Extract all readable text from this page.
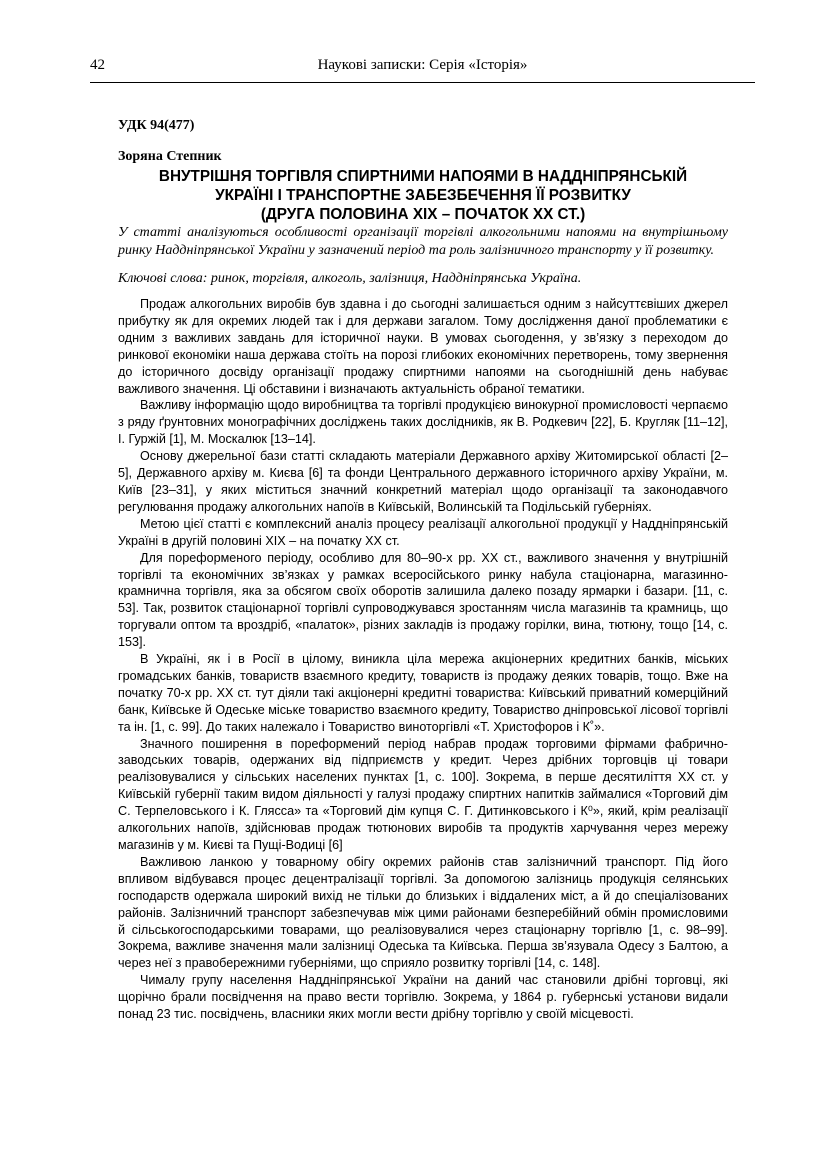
42	Наукові записки: Серія «Історія»

УДК 94(477)

Зоряна Степник

ВНУТРІШНЯ ТОРГІВЛЯ СПИРТНИМИ НАПОЯМИ В НАДДНІПРЯНСЬКІЙ
УКРАЇНІ І ТРАНСПОРТНЕ ЗАБЕЗБЕЧЕННЯ ЇЇ РОЗВИТКУ
(ДРУГА ПОЛОВИНА ХІХ – ПОЧАТОК ХХ СТ.)

У статті аналізуються особливості організації торгівлі алкогольними напоями на внутрішньому ринку Наддніпрянської України у зазначений період та роль залізничного транспорту у її розвитку.

Ключові слова: ринок, торгівля, алкоголь, залізниця, Наддніпрянська Україна.

Продаж алкогольних виробів був здавна і до сьогодні залишається одним з найсуттєвіших джерел прибутку як для окремих людей так і для держави загалом. Тому дослідження даної проблематики є одним з важливих завдань для історичної науки. В умовах сьогодення, у зв’язку з переходом до ринкової економіки наша держава стоїть на порозі глибоких економічних перетворень, тому звернення до історичного досвіду організації продажу спиртними напоями на сьогоднішній день набуває важливого значення. Ці обставини і визначають актуальність обраної тематики.

Важливу інформацію щодо виробництва та торгівлі продукцією винокурної промисловості черпаємо з ряду ґрунтовних монографічних досліджень таких дослідників, як В. Родкевич [22], Б. Кругляк [11–12], І. Гуржій [1], М. Москалюк [13–14].

Основу джерельної бази статті складають матеріали Державного архіву Житомирської області [2–5], Державного архіву м. Києва [6] та фонди Центрального державного історичного архіву України, м. Київ [23–31], у яких міститься значний конкретний матеріал щодо організації та законодавчого регулювання продажу алкогольних напоїв в Київській, Волинській та Подільській губерніях.

Метою цієї статті є комплексний аналіз процесу реалізації алкогольної продукції у Наддніпрянській Україні в другій половині ХІХ – на початку ХХ ст.

Для пореформеного періоду, особливо для 80–90-х рр. ХХ ст., важливого значення у внутрішній торгівлі та економічних зв’язках у рамках всеросійського ринку набула стаціонарна, магазинно-крамнична торгівля, яка за обсягом своїх оборотів залишила далеко позаду ярмарки і базари. [11, с. 53]. Так, розвиток стаціонарної торгівлі супроводжувався зростанням числа магазинів та крамниць, що торгували оптом та вроздріб, «палаток», різних закладів із продажу горілки, вина, тютюну, тощо [14, с. 153].

В Україні, як і в Росії в цілому, виникла ціла мережа акціонерних кредитних банків, міських громадських банків, товариств взаємного кредиту, товариств із продажу деяких товарів, тощо. Вже на початку 70-х рр. ХХ ст. тут діяли такі акціонерні кредитні товариства: Київський приватний комерційний банк, Київське й Одеське міське товариство взаємного кредиту, Товариство дніпровської лісової торгівлі та ін. [1, с. 99]. До таких належало і Товариство виноторгівлі «Т. Христофоров і К˚».

Значного поширення в пореформений період набрав продаж торговими фірмами фабрично-заводських товарів, одержаних від підприємств у кредит. Через дрібних торговців ці товари реалізовувалися у сільських населених пунктах [1, с. 100]. Зокрема, в перше десятиліття ХХ ст. у Київській губернії таким видом діяльності у галузі продажу спиртних напитків займалися «Торговий дім С. Терпеловського і К. Глясса» та «Торговий дім купця С. Г. Дитинковського і К⁰», який, крім реалізації алкогольних напоїв, здійснював продаж тютюнових виробів та продуктів харчування через мережу магазинів у м. Києві та Пущі-Водиці [6]

Важливою ланкою у товарному обігу окремих районів став залізничний транспорт. Під його впливом відбувався процес децентралізації торгівлі. За допомогою залізниць продукція селянських господарств одержала широкий вихід не тільки до близьких і віддалених міст, а й до спеціалізованих районів. Залізничний транспорт забезпечував між цими районами безперебійний обмін промисловими й сільськогосподарськими товарами, що реалізовувалися через стаціонарну торгівлю [1, с. 98–99]. Зокрема, важливе значення мали залізниці Одеська та Київська. Перша зв’язувала Одесу з Балтою, а через неї з правобережними губерніями, що сприяло розвитку торгівлі [14, с. 148].

Чималу групу населення Наддніпрянської України на даний час становили дрібні торговці, які щорічно брали посвідчення на право вести торгівлю. Зокрема, у 1864 р. губернські установи видали понад 23 тис. посвідчень, власники яких могли вести дрібну торгівлю у своїй місцевості.
